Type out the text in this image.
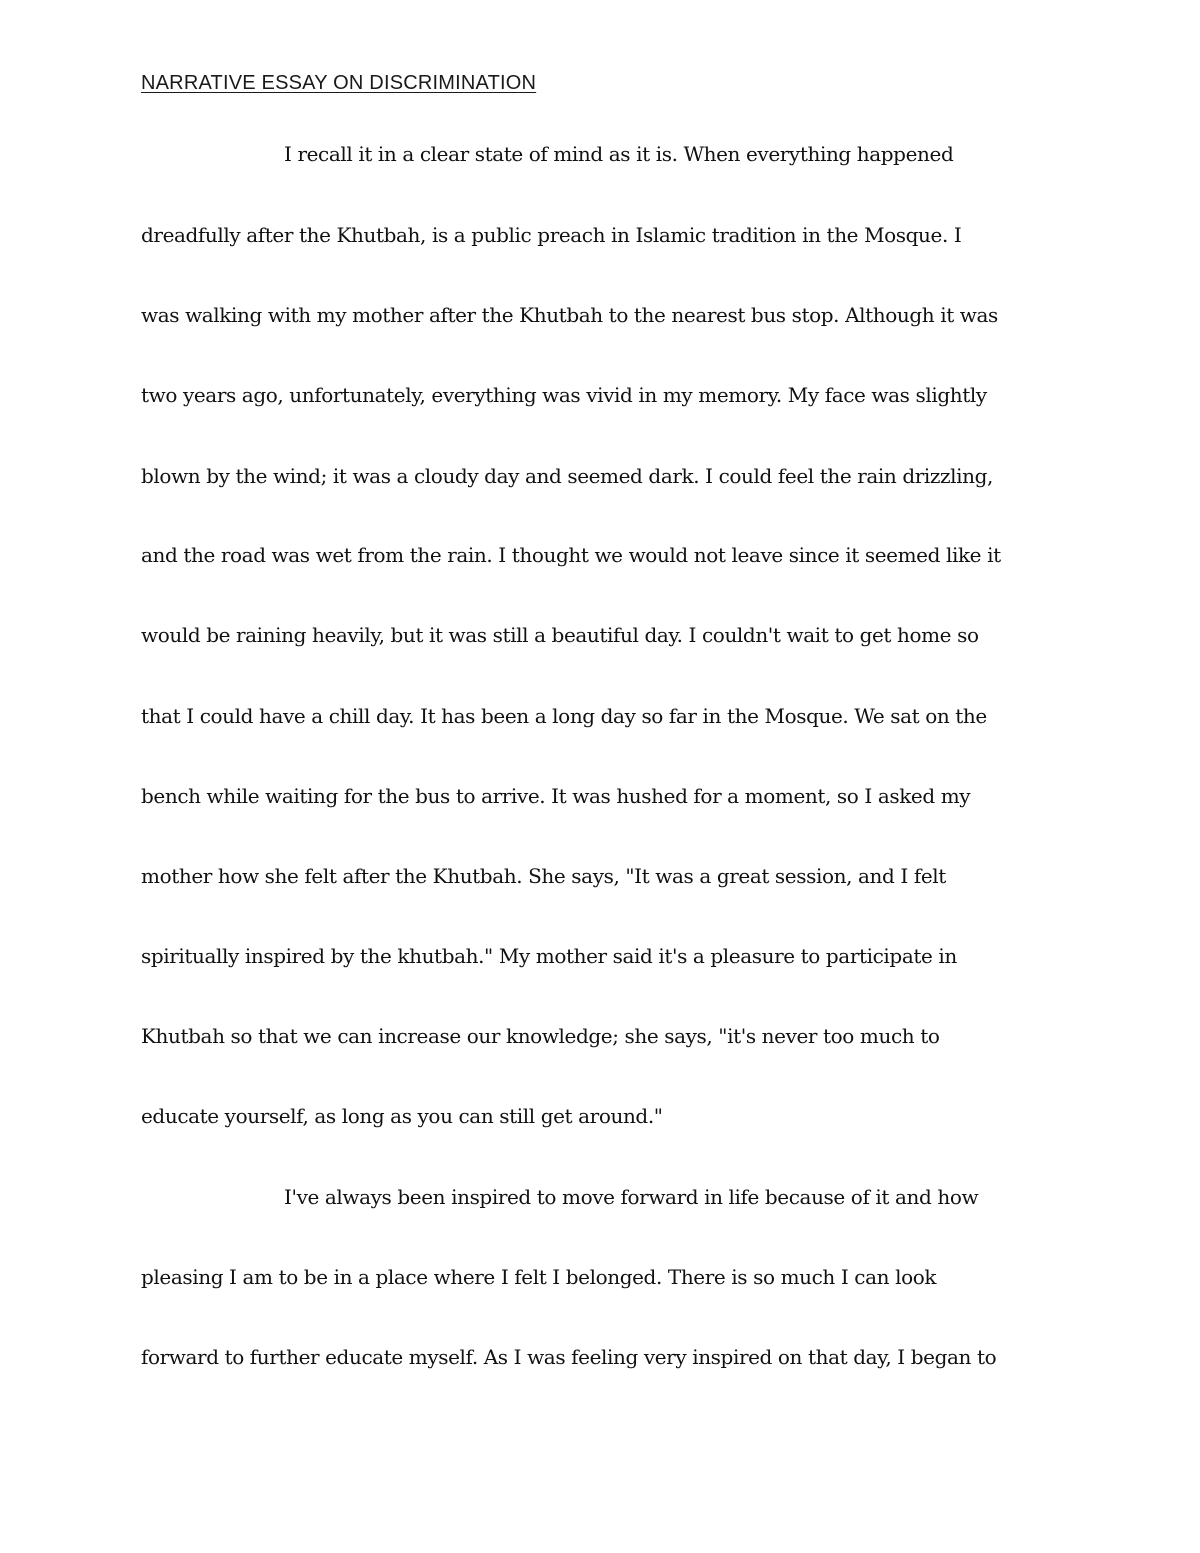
NARRATIVE ESSAY ON DISCRIMINATION
I recall it in a clear state of mind as it is. When everything happened
dreadfully after the Khutbah, is a public preach in Islamic tradition in the Mosque. I
was walking with my mother after the Khutbah to the nearest bus stop. Although it was
two years ago, unfortunately, everything was vivid in my memory. My face was slightly
blown by the wind; it was a cloudy day and seemed dark. I could feel the rain drizzling,
and the road was wet from the rain. I thought we would not leave since it seemed like it
would be raining heavily, but it was still a beautiful day. I couldn't wait to get home so
that I could have a chill day. It has been a long day so far in the Mosque. We sat on the
bench while waiting for the bus to arrive. It was hushed for a moment, so I asked my
mother how she felt after the Khutbah. She says, "It was a great session, and I felt
spiritually inspired by the khutbah." My mother said it's a pleasure to participate in
Khutbah so that we can increase our knowledge; she says, "it's never too much to
educate yourself, as long as you can still get around."
I've always been inspired to move forward in life because of it and how
pleasing I am to be in a place where I felt I belonged. There is so much I can look
forward to further educate myself. As I was feeling very inspired on that day, I began to
